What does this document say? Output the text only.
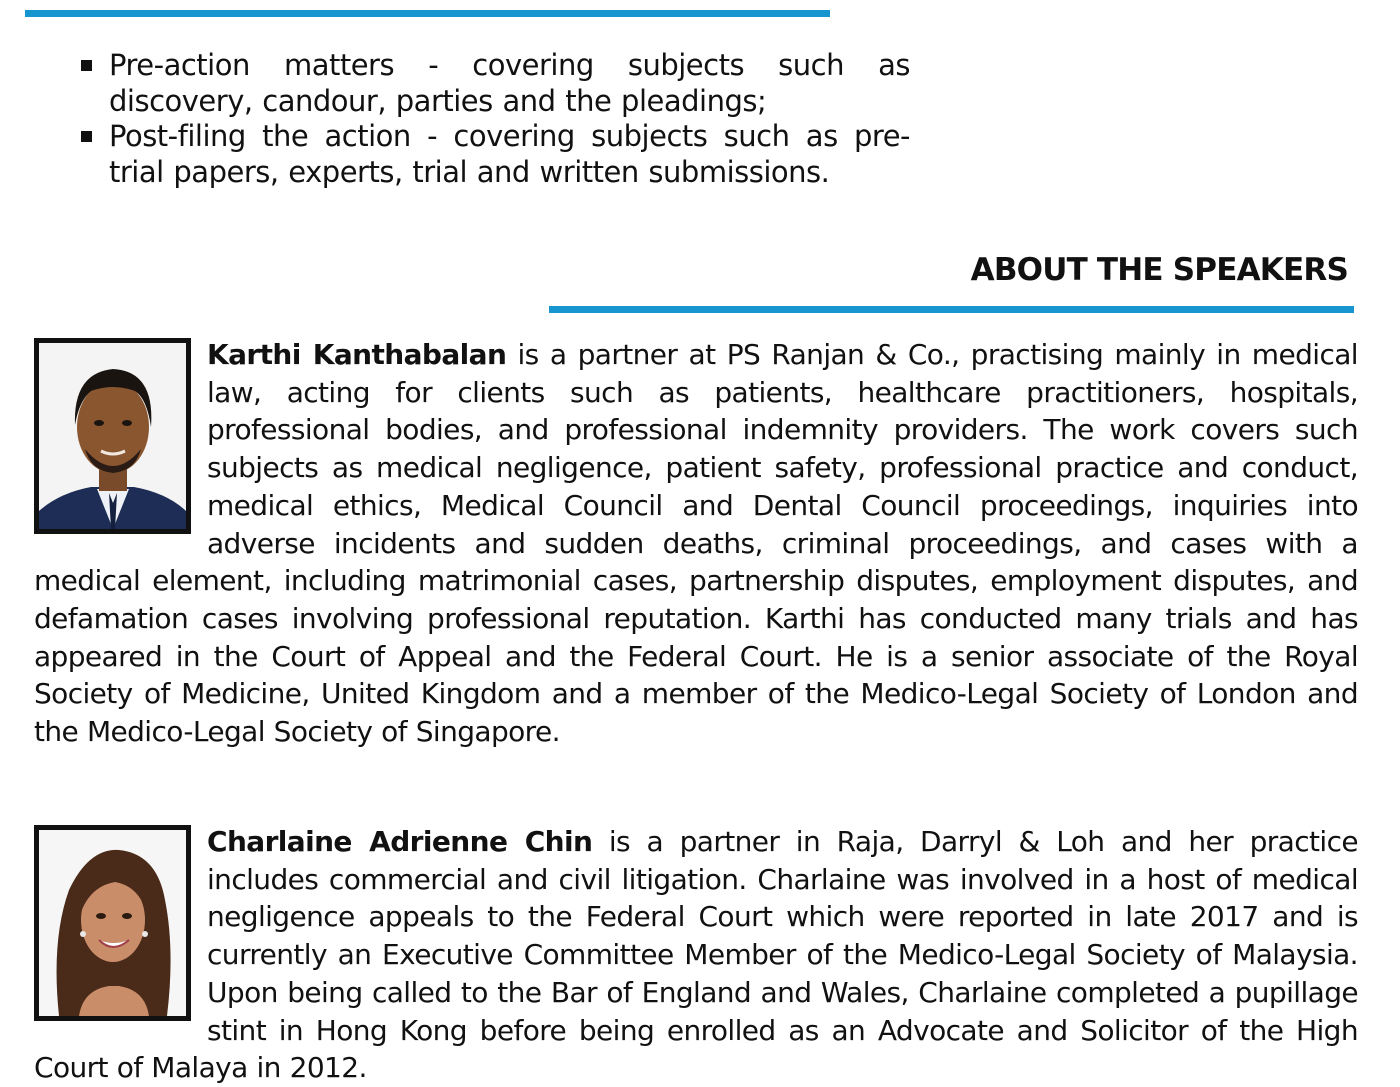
Pre-action matters - covering subjects such as discovery, candour, parties and the pleadings;
Post-filing the action - covering subjects such as pre-trial papers, experts, trial and written submissions.
ABOUT THE SPEAKERS

Karthi Kanthabalan is a partner at PS Ranjan & Co., practising mainly in medical law, acting for clients such as patients, healthcare practitioners, hospitals, professional bodies, and professional indemnity providers. The work covers such subjects as medical negligence, patient safety, professional practice and conduct, medical ethics, Medical Council and Dental Council proceedings, inquiries into adverse incidents and sudden deaths, criminal proceedings, and cases with a medical element, including matrimonial cases, partnership disputes, employment disputes, and defamation cases involving professional reputation. Karthi has conducted many trials and has appeared in the Court of Appeal and the Federal Court. He is a senior associate of the Royal Society of Medicine, United Kingdom and a member of the Medico-Legal Society of London and the Medico-Legal Society of Singapore.

Charlaine Adrienne Chin is a partner in Raja, Darryl & Loh and her practice includes commercial and civil litigation. Charlaine was involved in a host of medical negligence appeals to the Federal Court which were reported in late 2017 and is currently an Executive Committee Member of the Medico-Legal Society of Malaysia. Upon being called to the Bar of England and Wales, Charlaine completed a pupillage stint in Hong Kong before being enrolled as an Advocate and Solicitor of the High Court of Malaya in 2012.
